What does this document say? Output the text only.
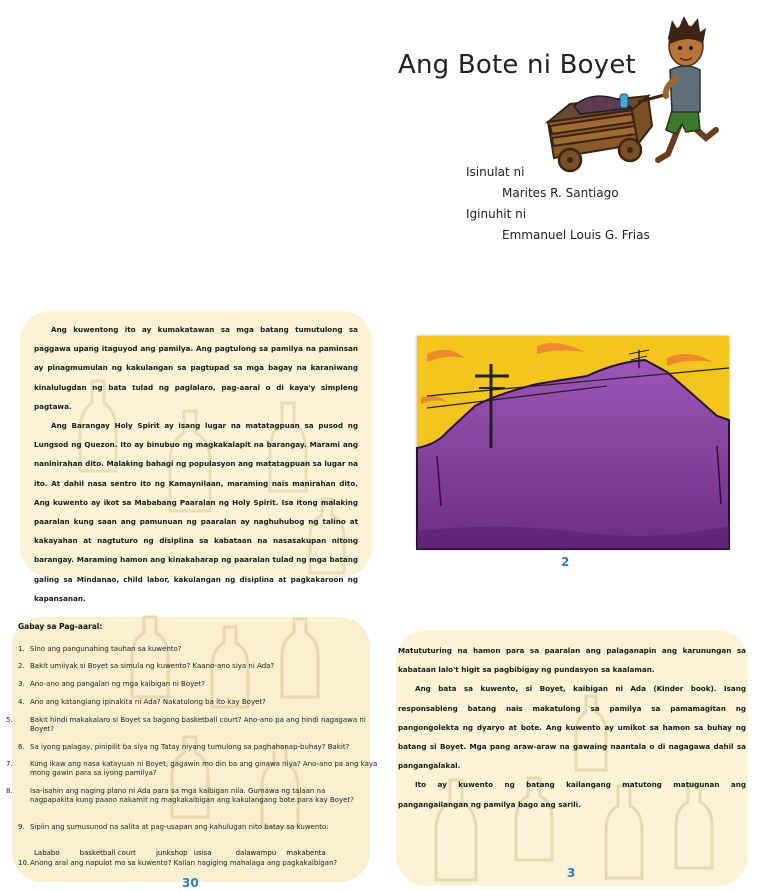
Ang Bote ni Boyet
Isinulat ni
Marites R. Santiago
Iginuhit ni
Emmanuel Louis G. Frias

Ang kuwentong ito ay kumakatawan sa mga batang tumutulong sa paggawa upang itaguyod ang pamilya. Ang pagtulong sa pamilya na paminsan ay pinagmumulan ng kakulangan sa pagtupad sa mga bagay na karaniwang kinalulugdan ng bata tulad ng paglalaro, pag-aaral o di kaya'y simpleng pagtawa.

Ang Barangay Holy Spirit ay isang lugar na matatagpuan sa pusod ng Lungsod ng Quezon. Ito ay binubuo ng magkakalapit na barangay. Marami ang naninirahan dito. Malaking bahagi ng populasyon ang matatagpuan sa lugar na ito. At dahil nasa sentro ito ng Kamaynilaan, maraming nais manirahan dito. Ang kuwento ay ikot sa Mababang Paaralan ng Holy Spirit. Isa itong malaking paaralan kung saan ang pamunuan ng paaralan ay naghuhubog ng talino at kakayahan at nagtuturo ng disiplina sa kabataan na nasasakupan nitong barangay. Maraming hamon ang kinakaharap ng paaralan tulad ng mga batang galing sa Mindanao, child labor, kakulangan ng disiplina at pagkakaroon ng kapansanan.

2
Gabay sa Pag-aaral:
1. Sino ang pangunahing tauhan sa kuwento?
2. Bakit umiiyak si Boyet sa simula ng kuwento? Kaano-ano siya ni Ada?
3. Ano-ano ang pangalan ng mga kaibigan ni Boyet?
4. Ano ang katangiang ipinakita ni Ada? Nakatulong ba ito kay Boyet?
5. Bakit hindi makakalaro si Boyet sa bagong basketball court? Ano-ano pa ang hindi nagagawa ni Boyet?
6. Sa iyong palagay, pinipilit ba siya ng Tatay niyang tumulong sa paghahanap-buhay? Bakit?
7. Kung ikaw ang nasa katayuan ni Boyet, gagawin mo din ba ang ginawa niya? Ano-ano pa ang kaya mong gawin para sa iyong pamilya?
8. Isa-isahin ang naging plano ni Ada para sa mga kaibigan nila. Gumawa ng talaan na nagpapakita kung paano nakamit ng magkakaibigan ang kakulangang bote para kay Boyet?
9. Sipiin ang sumusunod na salita at pag-usapan ang kahulugan nito batay sa kuwento:
Lababo	basketball court	junkshop usisa	dalawampu makabenta
10.Anong aral ang napulot mo sa kuwento? Kailan nagiging mahalaga ang pagkakaibigan?
30

Matututuring na hamon para sa paaralan ang palaganapin ang karunungan sa kabataan lalo't higit sa pagbibigay ng pundasyon sa kaalaman.

Ang bata sa kuwento, si Boyet, kaibigan ni Ada (Kinder book). Isang responsableng batang nais makatulong sa pamilya sa pamamagitan ng pangongolekta ng dyaryo at bote. Ang kuwento ay umikot sa hamon sa buhay ng batang si Boyet. Mga pang araw-araw na gawaing naantala o di nagagawa dahil sa pangangalakal.

Ito ay kuwento ng batang kailangang matutong matugunan ang pangangailangan ng pamilya bago ang sarili.

3
